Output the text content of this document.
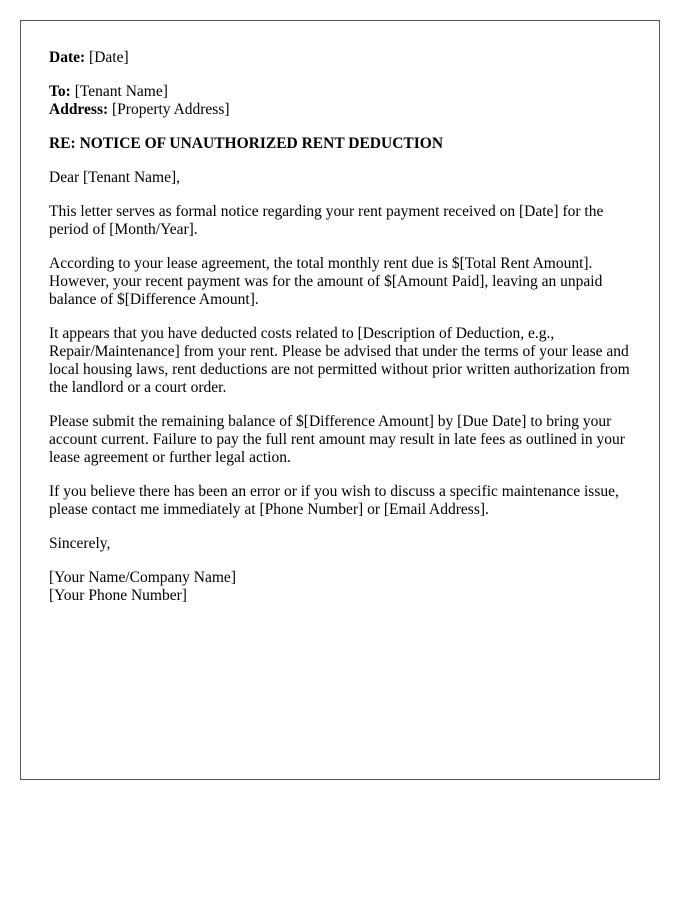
Date: [Date]

To: [Tenant Name]

Address: [Property Address]

RE: NOTICE OF UNAUTHORIZED RENT DEDUCTION

Dear [Tenant Name],

This letter serves as formal notice regarding your rent payment received on [Date] for the period of [Month/Year].

According to your lease agreement, the total monthly rent due is $[Total Rent Amount]. However, your recent payment was for the amount of $[Amount Paid], leaving an unpaid balance of $[Difference Amount].

It appears that you have deducted costs related to [Description of Deduction, e.g., Repair/Maintenance] from your rent. Please be advised that under the terms of your lease and local housing laws, rent deductions are not permitted without prior written authorization from the landlord or a court order.

Please submit the remaining balance of $[Difference Amount] by [Due Date] to bring your account current. Failure to pay the full rent amount may result in late fees as outlined in your lease agreement or further legal action.

If you believe there has been an error or if you wish to discuss a specific maintenance issue, please contact me immediately at [Phone Number] or [Email Address].

Sincerely,

[Your Name/Company Name]

[Your Phone Number]
